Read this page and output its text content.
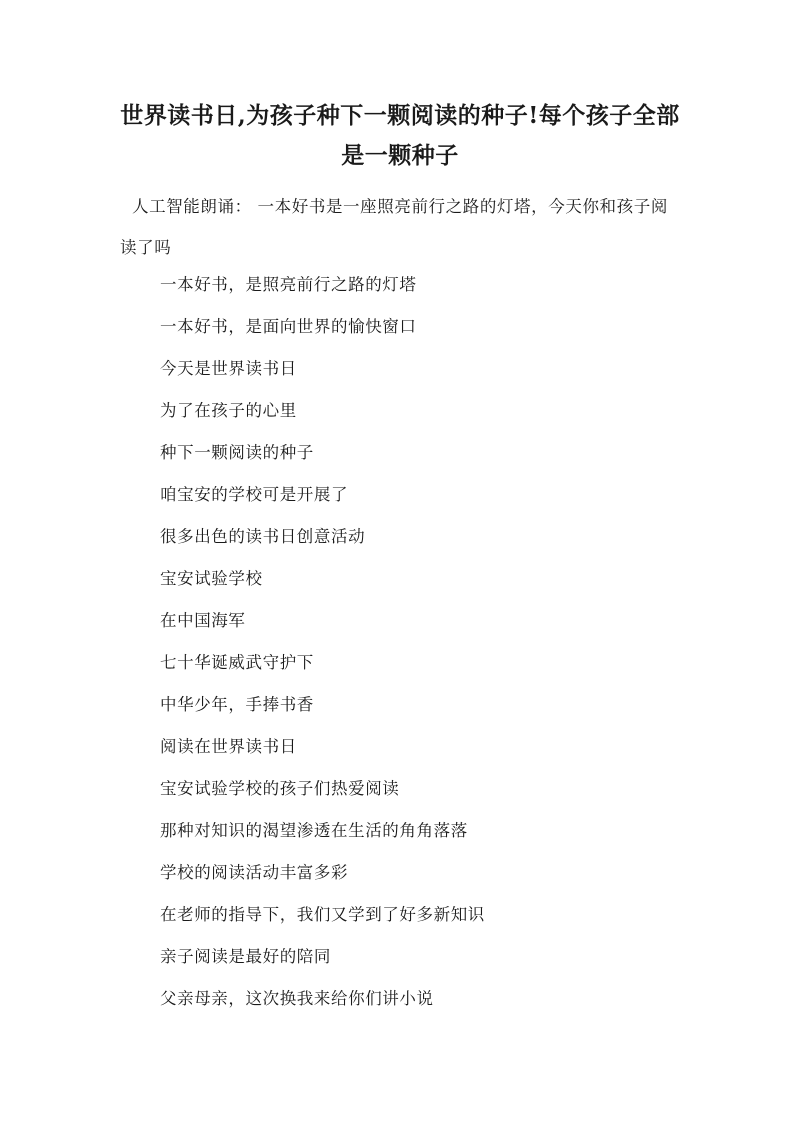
世界读书日,为孩子种下一颗阅读的种子!每个孩子全部是一颗种子

人工智能朗诵： 一本好书是一座照亮前行之路的灯塔，今天你和孩子阅读了吗

一本好书，是照亮前行之路的灯塔
一本好书，是面向世界的愉快窗口
今天是世界读书日
为了在孩子的心里
种下一颗阅读的种子
咱宝安的学校可是开展了
很多出色的读书日创意活动
宝安试验学校
在中国海军
七十华诞威武守护下
中华少年，手捧书香
阅读在世界读书日
宝安试验学校的孩子们热爱阅读
那种对知识的渴望渗透在生活的角角落落
学校的阅读活动丰富多彩
在老师的指导下，我们又学到了好多新知识
亲子阅读是最好的陪同
父亲母亲，这次换我来给你们讲小说
